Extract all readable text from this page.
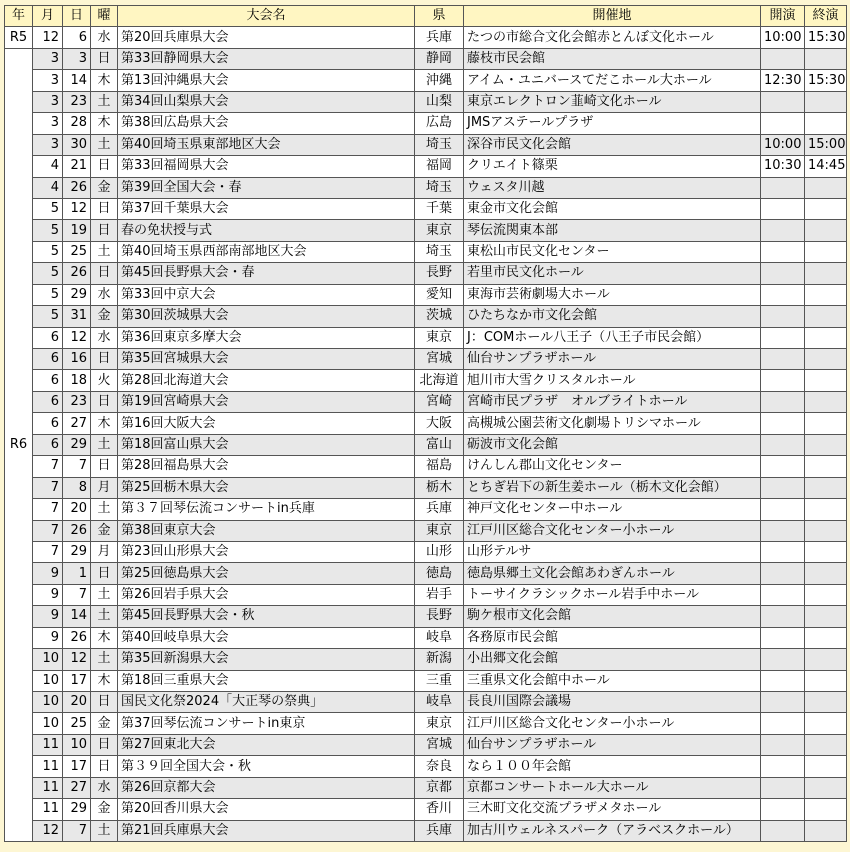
年	月	日	曜	大会名	県	開催地	開演	終演
R5	12	6	水	第20回兵庫県大会	兵庫	たつの市総合文化会館赤とんぼ文化ホール	10:00	15:30
R6	3	3	日	第33回静岡県大会	静岡	藤枝市民会館		
	3	14	木	第13回沖縄県大会	沖縄	アイム・ユニバースてだこホール大ホール	12:30	15:30
	3	23	土	第34回山梨県大会	山梨	東京エレクトロン韮崎文化ホール		
	3	28	木	第38回広島県大会	広島	JMSアステールプラザ		
	3	30	土	第40回埼玉県東部地区大会	埼玉	深谷市民文化会館	10:00	15:00
	4	21	日	第33回福岡県大会	福岡	クリエイト篠栗	10:30	14:45
	4	26	金	第39回全国大会・春	埼玉	ウェスタ川越		
	5	12	日	第37回千葉県大会	千葉	東金市文化会館		
	5	19	日	春の免状授与式	東京	琴伝流関東本部		
	5	25	土	第40回埼玉県西部南部地区大会	埼玉	東松山市民文化センター		
	5	26	日	第45回長野県大会・春	長野	若里市民文化ホール		
	5	29	水	第33回中京大会	愛知	東海市芸術劇場大ホール		
	5	31	金	第30回茨城県大会	茨城	ひたちなか市文化会館		
	6	12	水	第36回東京多摩大会	東京	J：COMホール八王子（八王子市民会館）		
	6	16	日	第35回宮城県大会	宮城	仙台サンプラザホール		
	6	18	火	第28回北海道大会	北海道	旭川市大雪クリスタルホール		
	6	23	日	第19回宮崎県大会	宮崎	宮崎市民プラザ　オルブライトホール		
	6	27	木	第16回大阪大会	大阪	高槻城公園芸術文化劇場トリシマホール		
	6	29	土	第18回富山県大会	富山	砺波市文化会館		
	7	7	日	第28回福島県大会	福島	けんしん郡山文化センター		
	7	8	月	第25回栃木県大会	栃木	とちぎ岩下の新生姜ホール（栃木文化会館）		
	7	20	土	第３７回琴伝流コンサートin兵庫	兵庫	神戸文化センター中ホール		
	7	26	金	第38回東京大会	東京	江戸川区総合文化センター小ホール		
	7	29	月	第23回山形県大会	山形	山形テルサ		
	9	1	日	第25回徳島県大会	徳島	徳島県郷土文化会館あわぎんホール		
	9	7	土	第26回岩手県大会	岩手	トーサイクラシックホール岩手中ホール		
	9	14	土	第45回長野県大会・秋	長野	駒ケ根市文化会館		
	9	26	木	第40回岐阜県大会	岐阜	各務原市民会館		
	10	12	土	第35回新潟県大会	新潟	小出郷文化会館		
	10	17	木	第18回三重県大会	三重	三重県文化会館中ホール		
	10	20	日	国民文化祭2024「大正琴の祭典」	岐阜	長良川国際会議場		
	10	25	金	第37回琴伝流コンサートin東京	東京	江戸川区総合文化センター小ホール		
	11	10	日	第27回東北大会	宮城	仙台サンプラザホール		
	11	17	日	第３９回全国大会・秋	奈良	なら１００年会館		
	11	27	水	第26回京都大会	京都	京都コンサートホール大ホール		
	11	29	金	第20回香川県大会	香川	三木町文化交流プラザメタホール		
	12	7	土	第21回兵庫県大会	兵庫	加古川ウェルネスパーク（アラベスクホール）		
